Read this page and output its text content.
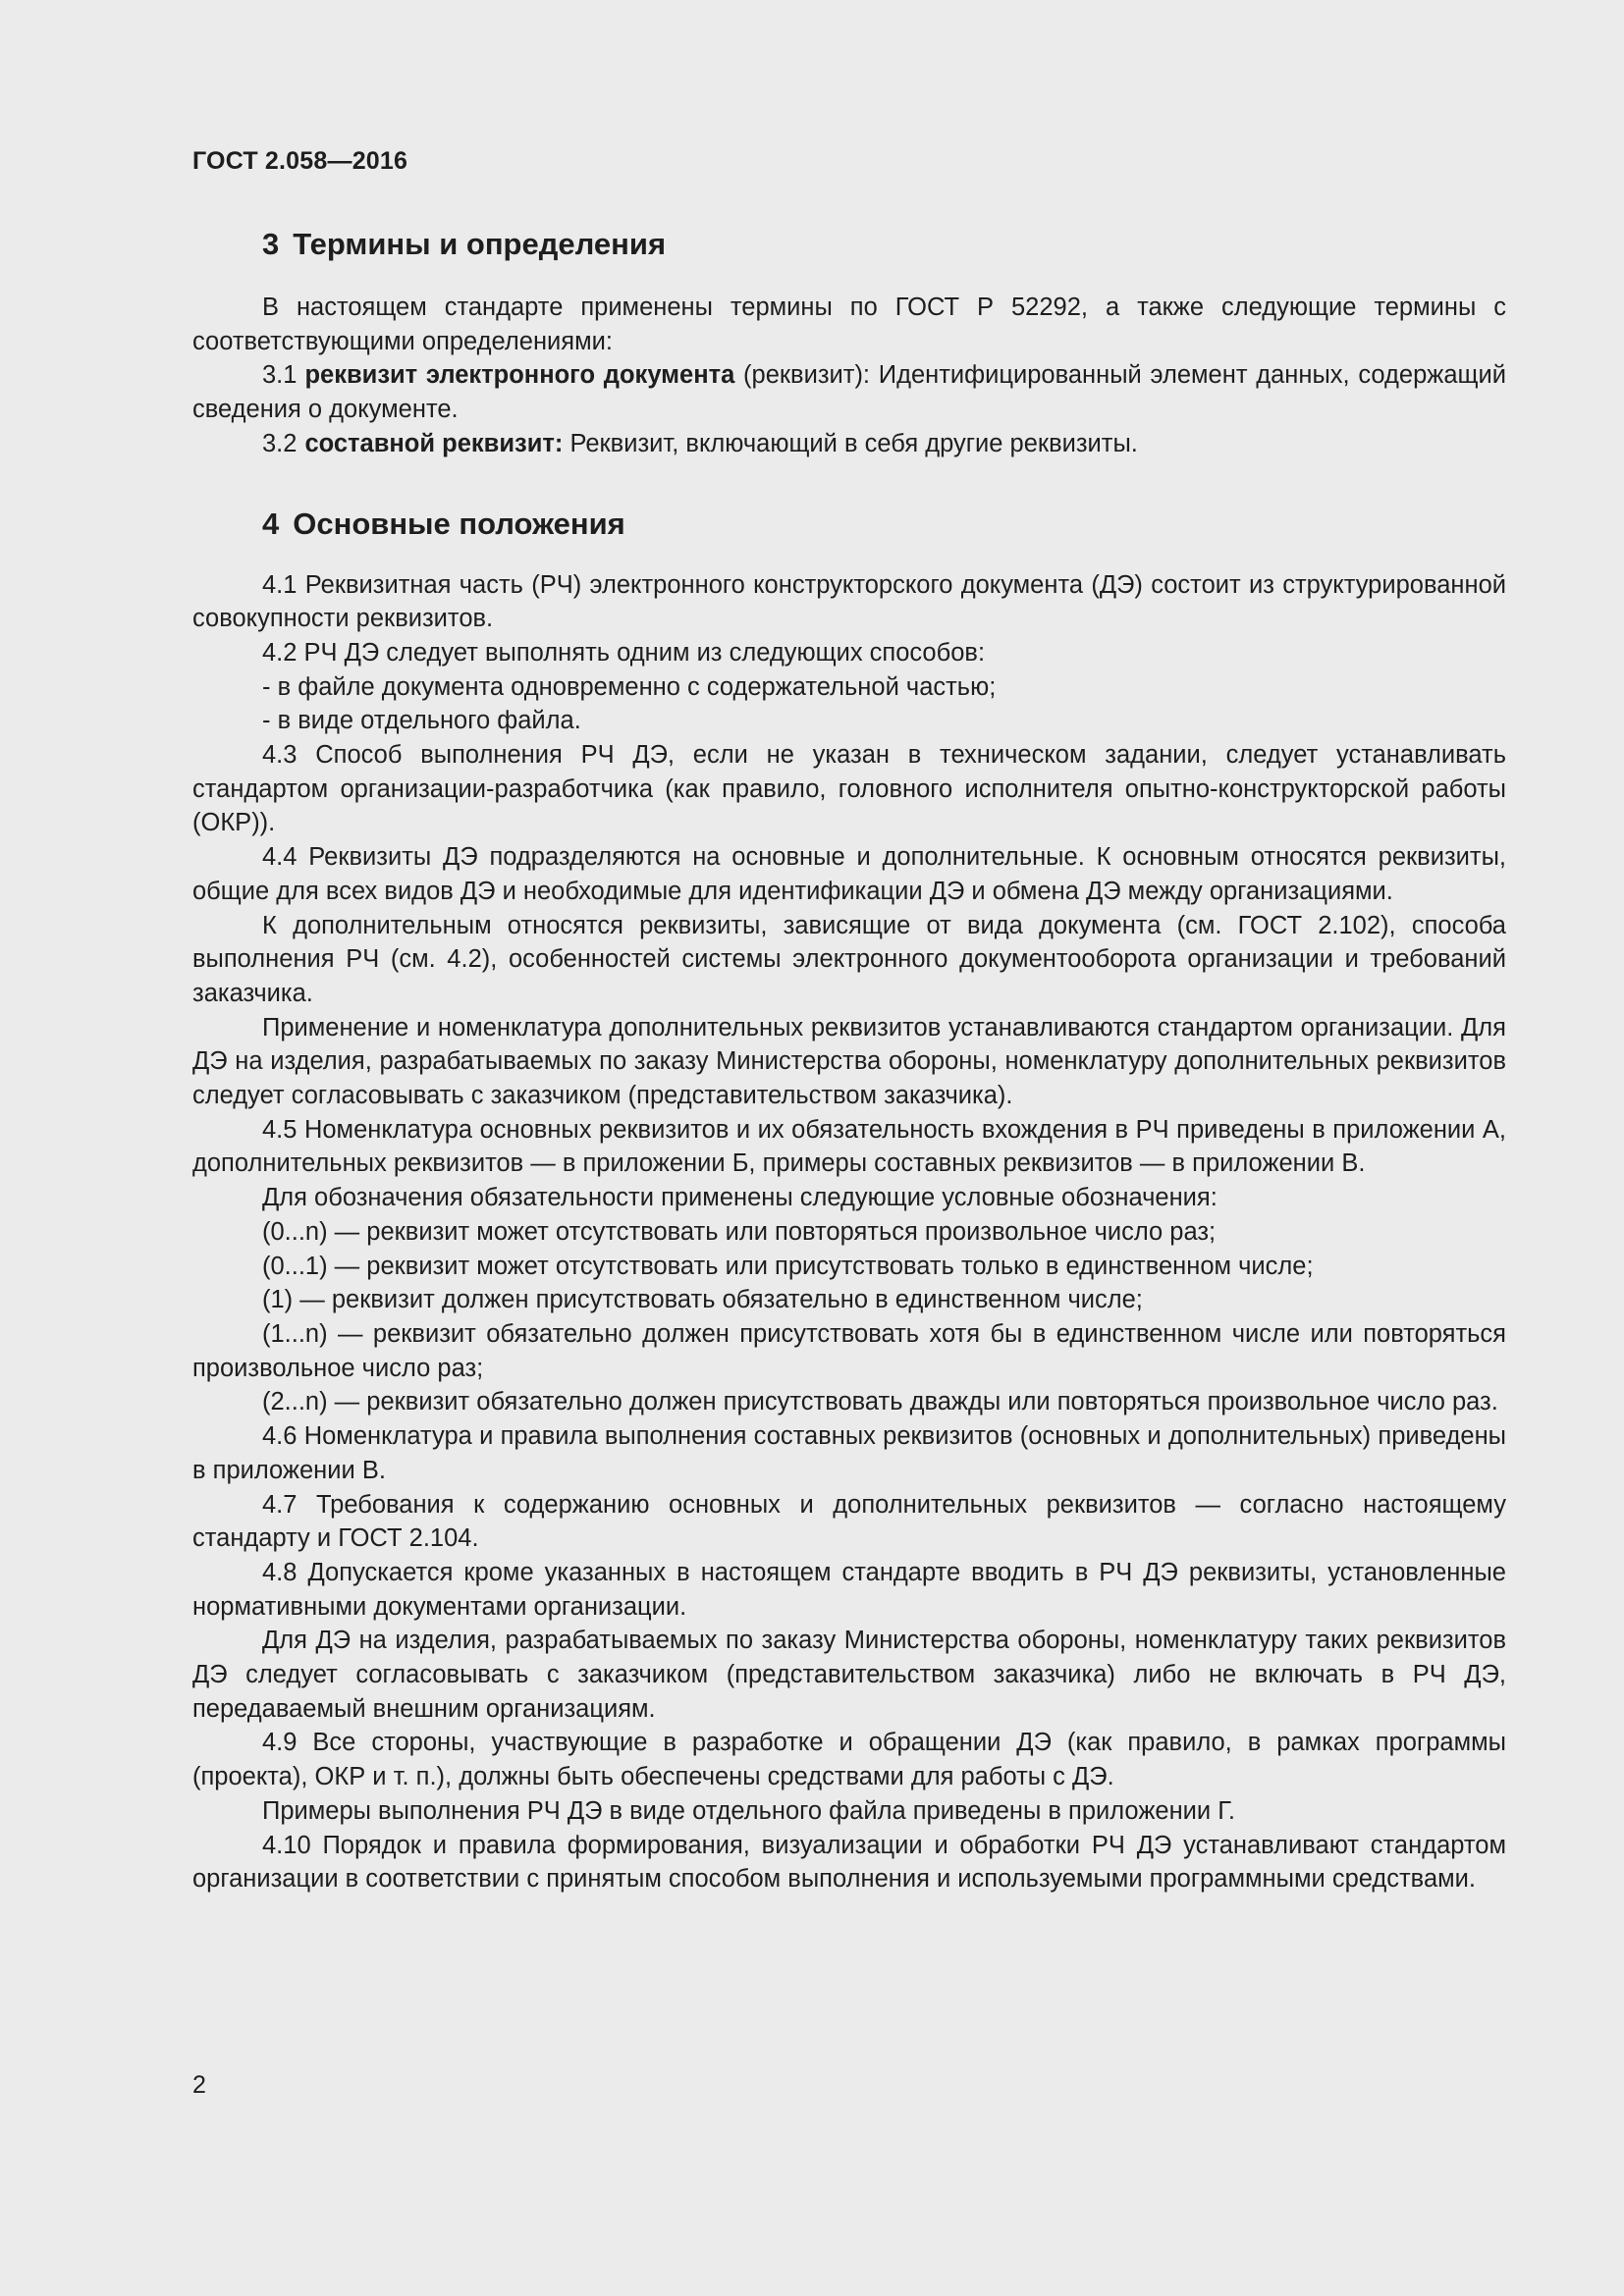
ГОСТ 2.058—2016
3 Термины и определения

В настоящем стандарте применены термины по ГОСТ Р 52292, а также следующие термины с соответствующими определениями:

3.1 реквизит электронного документа (реквизит): Идентифицированный элемент данных, содержащий сведения о документе.

3.2 составной реквизит: Реквизит, включающий в себя другие реквизиты.

4 Основные положения

4.1 Реквизитная часть (РЧ) электронного конструкторского документа (ДЭ) состоит из структурированной совокупности реквизитов.

4.2 РЧ ДЭ следует выполнять одним из следующих способов:

- в файле документа одновременно с содержательной частью;

- в виде отдельного файла.

4.3 Способ выполнения РЧ ДЭ, если не указан в техническом задании, следует устанавливать стандартом организации-разработчика (как правило, головного исполнителя опытно-конструкторской работы (ОКР)).

4.4 Реквизиты ДЭ подразделяются на основные и дополнительные. К основным относятся реквизиты, общие для всех видов ДЭ и необходимые для идентификации ДЭ и обмена ДЭ между организациями.

К дополнительным относятся реквизиты, зависящие от вида документа (см. ГОСТ 2.102), способа выполнения РЧ (см. 4.2), особенностей системы электронного документооборота организации и требований заказчика.

Применение и номенклатура дополнительных реквизитов устанавливаются стандартом организации. Для ДЭ на изделия, разрабатываемых по заказу Министерства обороны, номенклатуру дополнительных реквизитов следует согласовывать с заказчиком (представительством заказчика).

4.5 Номенклатура основных реквизитов и их обязательность вхождения в РЧ приведены в приложении А, дополнительных реквизитов — в приложении Б, примеры составных реквизитов — в приложении В.

Для обозначения обязательности применены следующие условные обозначения:

(0...n) — реквизит может отсутствовать или повторяться произвольное число раз;

(0...1) — реквизит может отсутствовать или присутствовать только в единственном числе;

(1) — реквизит должен присутствовать обязательно в единственном числе;

(1...n) — реквизит обязательно должен присутствовать хотя бы в единственном числе или повторяться произвольное число раз;

(2...n) — реквизит обязательно должен присутствовать дважды или повторяться произвольное число раз.

4.6 Номенклатура и правила выполнения составных реквизитов (основных и дополнительных) приведены в приложении В.

4.7 Требования к содержанию основных и дополнительных реквизитов — согласно настоящему стандарту и ГОСТ 2.104.

4.8 Допускается кроме указанных в настоящем стандарте вводить в РЧ ДЭ реквизиты, установленные нормативными документами организации.

Для ДЭ на изделия, разрабатываемых по заказу Министерства обороны, номенклатуру таких реквизитов ДЭ следует согласовывать с заказчиком (представительством заказчика) либо не включать в РЧ ДЭ, передаваемый внешним организациям.

4.9 Все стороны, участвующие в разработке и обращении ДЭ (как правило, в рамках программы (проекта), ОКР и т. п.), должны быть обеспечены средствами для работы с ДЭ.

Примеры выполнения РЧ ДЭ в виде отдельного файла приведены в приложении Г.

4.10 Порядок и правила формирования, визуализации и обработки РЧ ДЭ устанавливают стандартом организации в соответствии с принятым способом выполнения и используемыми программными средствами.

2
